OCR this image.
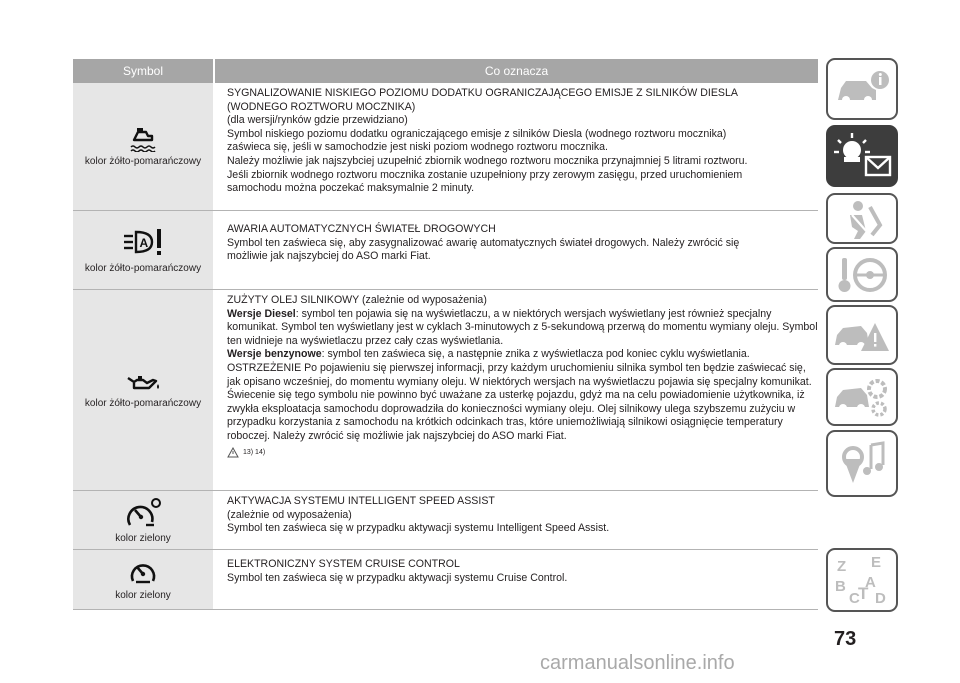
Symbol	Co oznacza
kolor żółto-pomarańczowy

SYGNALIZOWANIE NISKIEGO POZIOMU DODATKU OGRANICZAJĄCEGO EMISJE Z SILNIKÓW DIESLA

(WODNEGO ROZTWORU MOCZNIKA)

(dla wersji/rynków gdzie przewidziano)

Symbol niskiego poziomu dodatku ograniczającego emisje z silników Diesla (wodnego roztworu mocznika)

zaświeca się, jeśli w samochodzie jest niski poziom wodnego roztworu mocznika.

Należy możliwie jak najszybciej uzupełnić zbiornik wodnego roztworu mocznika przynajmniej 5 litrami roztworu.

Jeśli zbiornik wodnego roztworu mocznika zostanie uzupełniony przy zerowym zasięgu, przed uruchomieniem

samochodu można poczekać maksymalnie 2 minuty.

A
kolor żółto-pomarańczowy

AWARIA AUTOMATYCZNYCH ŚWIATEŁ DROGOWYCH

Symbol ten zaświeca się, aby zasygnalizować awarię automatycznych świateł drogowych. Należy zwrócić się

możliwie jak najszybciej do ASO marki Fiat.

kolor żółto-pomarańczowy

ZUŻYTY OLEJ SILNIKOWY (zależnie od wyposażenia)

Wersje Diesel: symbol ten pojawia się na wyświetlaczu, a w niektórych wersjach wyświetlany jest również specjalny komunikat. Symbol ten wyświetlany jest w cyklach 3-minutowych z 5-sekundową przerwą do momentu wymiany oleju. Symbol ten widnieje na wyświetlaczu przez cały czas wyświetlania.

Wersje benzynowe: symbol ten zaświeca się, a następnie znika z wyświetlacza pod koniec cyklu wyświetlania.

OSTRZEŻENIE Po pojawieniu się pierwszej informacji, przy każdym uruchomieniu silnika symbol ten będzie zaświecać się, jak opisano wcześniej, do momentu wymiany oleju. W niektórych wersjach na wyświetlaczu pojawia się specjalny komunikat.

Świecenie się tego symbolu nie powinno być uważane za usterkę pojazdu, gdyż ma na celu powiadomienie użytkownika, iż zwykła eksploatacja samochodu doprowadziła do konieczności wymiany oleju. Olej silnikowy ulega szybszemu zużyciu w przypadku korzystania z samochodu na krótkich odcinkach tras, które uniemożliwiają silnikowi osiągnięcie temperatury roboczej. Należy zwrócić się możliwie jak najszybciej do ASO marki Fiat.

13) 14)
kolor zielony

AKTYWACJA SYSTEMU INTELLIGENT SPEED ASSIST

(zależnie od wyposażenia)

Symbol ten zaświeca się w przypadku aktywacji systemu Intelligent Speed Assist.

kolor zielony

ELEKTRONICZNY SYSTEM CRUISE CONTROL

Symbol ten zaświeca się w przypadku aktywacji systemu Cruise Control.

Z E
B A
C D
T
73
carmanualsonline.info
